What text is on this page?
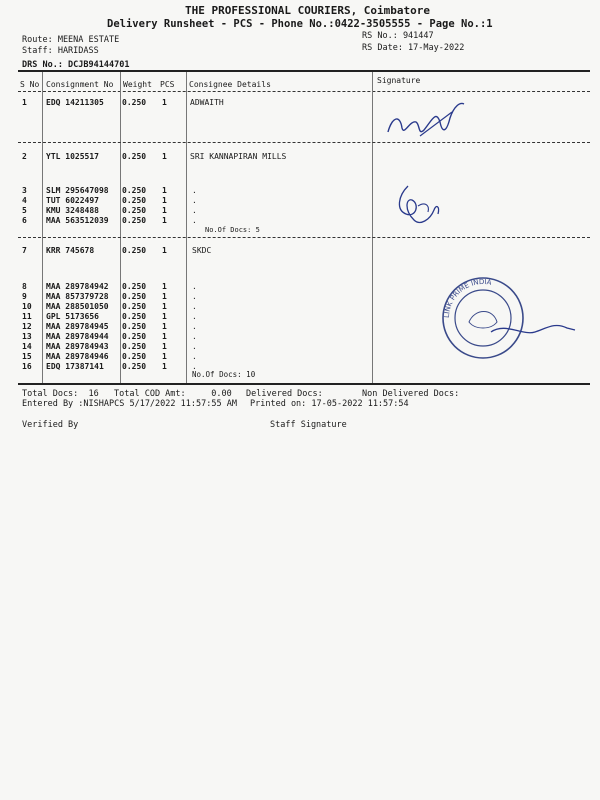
THE PROFESSIONAL COURIERS, Coimbatore
Delivery Runsheet - PCS - Phone No.:0422-3505555 - Page No.:1
Route: MEENA ESTATE
Staff: HARIDASS
DRS No.: DCJB94144701
RS No.: 941447
RS Date: 17-May-2022
S No Consignment No Weight PCS Consignee Details	Signature
1 EDQ 14211305 0.250 1	ADWAITH
2 YTL 1025517	0.250 1	SRI KANNAPIRAN MILLS
3 SLM 295647098 0.250 1	.
4 TUT 6022497	0.250 1	.
5 KMU 3248488	0.250 1	.
6 MAA 563512039 0.250 1	.
No.Of Docs: 5
7 KRR 745678	0.250 1	SKDC
8 MAA 289784942 0.250 1	.
9 MAA 857379728 0.250 1	.
10 MAA 288501050 0.250 1	.
11 GPL 5173656	0.250 1	.
12 MAA 289784945 0.250 1	.
13 MAA 289784944 0.250 1	.
14 MAA 289784943 0.250 1	.
15 MAA 289784946 0.250 1	.
16 EDQ 17387141 0.250 1	.
No.Of Docs: 10
LINK PRIME INDIA
Total Docs:  16 Total COD Amt:     0.00 Delivered Docs:	Non Delivered Docs:
Entered By :NISHAPCS 5/17/2022 11:57:55 AM Printed on: 17-05-2022 11:57:54
Verified By	Staff Signature
